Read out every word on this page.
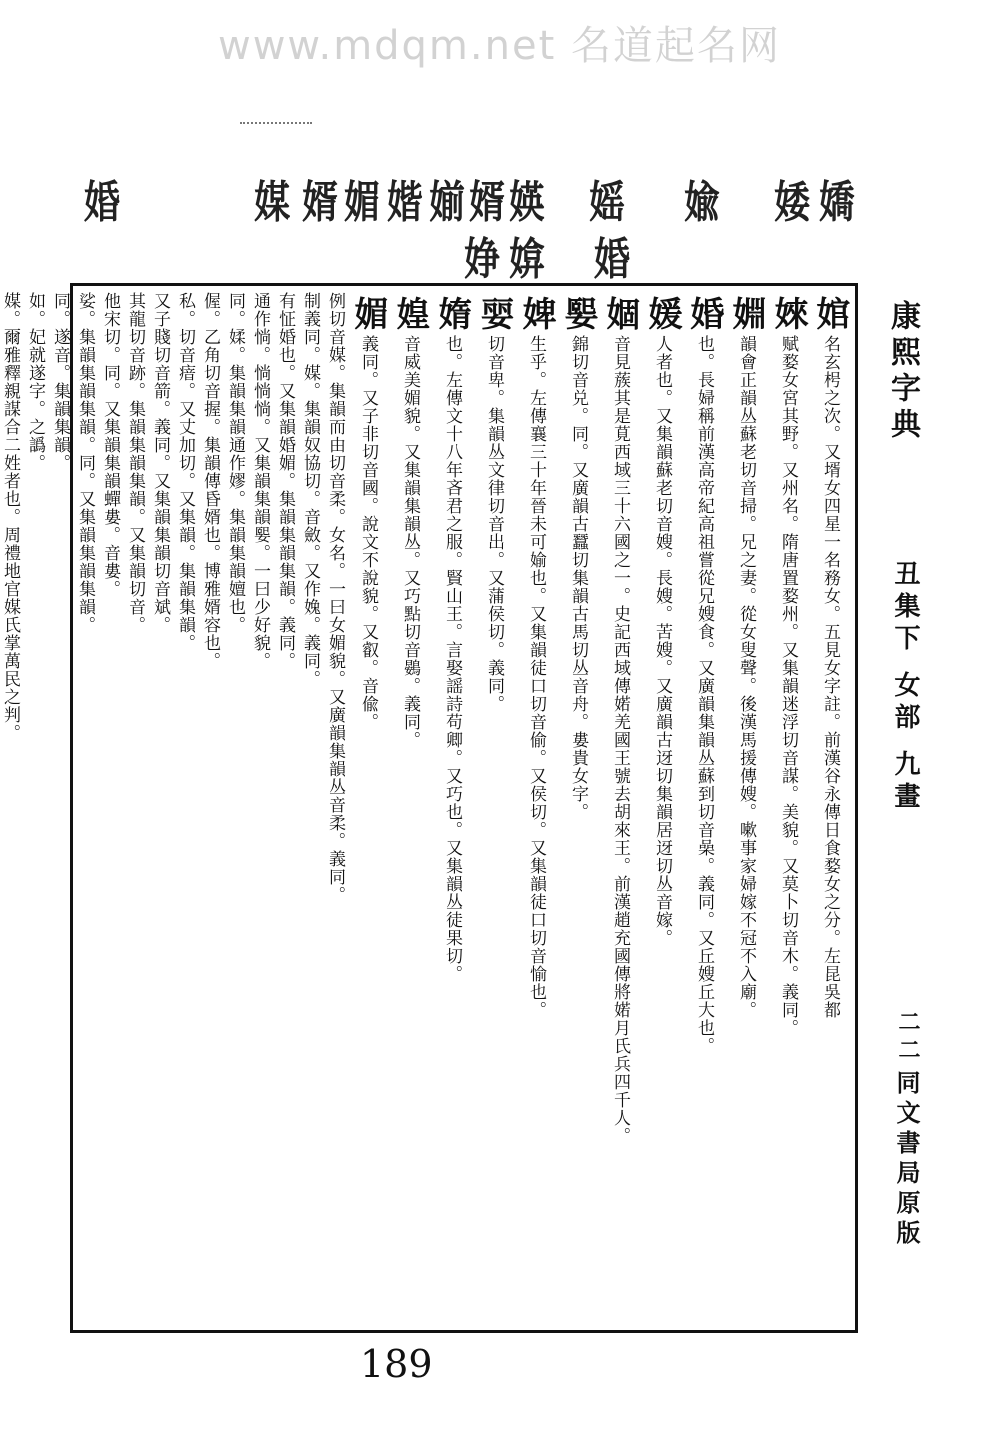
www.mdqm.net 名道起名网
婑 嬌
婾
媱
媖
婿
媊
媘
媚
婿
媒
婚
婚
媕
婙
康熙字典
丑集下 女部 九畫
二二
同文書局原版
婠名玄枵之次。又壻女四星一名務女。五見女字註。前漢谷永傳日食婺女之分。左昆吳都
婡赋婺女宮其野。又州名。隋唐置婺州。又集韻迷浮切音謀。美貌。又莫卜切音木。義同。
婣韻會正韻丛蘇老切音掃。兄之妻。從女叟聲。後漢馬援傳嫂。嗽事家婦嫁不冠不入廟。
婚也。長婦稱前漢高帝紀高祖嘗從兄嫂食。又廣韻集韻丛蘇到切音喿。義同。又丘嫂丘大也。
媛人者也。又集韻蘇老切音嫂。長嫂。苦嫂。又廣韻古迓切集韻居迓切丛音嫁。
婟音見蔟其是莧西域三十六國之一。史記西域傳婼羌國王號去胡來王。前漢趙充國傳將婼月氏兵四千人。
媐錦切音兑。同。又廣韻古蠶切集韻古馬切丛音舟。婁貴女字。
婢生乎。左傳襄三十年晉未可媮也。又集韻徒口切音偷。又侯切。又集韻徒口切音愉也。
婯切音卑。集韻丛文律切音出。又蒲侯切。義同。
媠也。左傳文十八年吝君之服。賢山王。言娶謡詩苟卿。又巧也。又集韻丛徒果切。
媓音威美媚貌。又集韻集韻丛。又巧點切音鷃。義同。
媚義同。又子非切音國。說文不說貌。又叡。音偸。
例切音媒。集韻而由切音柔。女名。一曰女媚貌。又廣韻集韻丛音柔。義同。
制義同。媒。集韻奴協切。音斂。又作婏。義同。
有怔婚也。又集韻婚媚。集韻集韻集韻。義同。
通作惝。惝惝惝。又集韻集韻媐。一曰少好貌。
同。媃。集韻集韻通作嫪。集韻集韻嬗也。
偓。乙角切音握。集韻傳昏婿也。博雅婿容也。
私。切音瘖。又丈加切。又集韻。集韻集韻。
又子賤切音箭。義同。又集韻集韻切音斌。
其龍切音跡。集韻集韻集韻。又集韻切音。
他宋切。同。又集韻集韻蟬婁。音婁。
娑。集韻集韻集韻。同。又集韻集韻集韻。
同。遂音。集韻集韻。
如。妃就遂字。之譌。
媒。爾雅釋親謀合二姓者也。周禮地官媒氏掌萬民之判。
189
